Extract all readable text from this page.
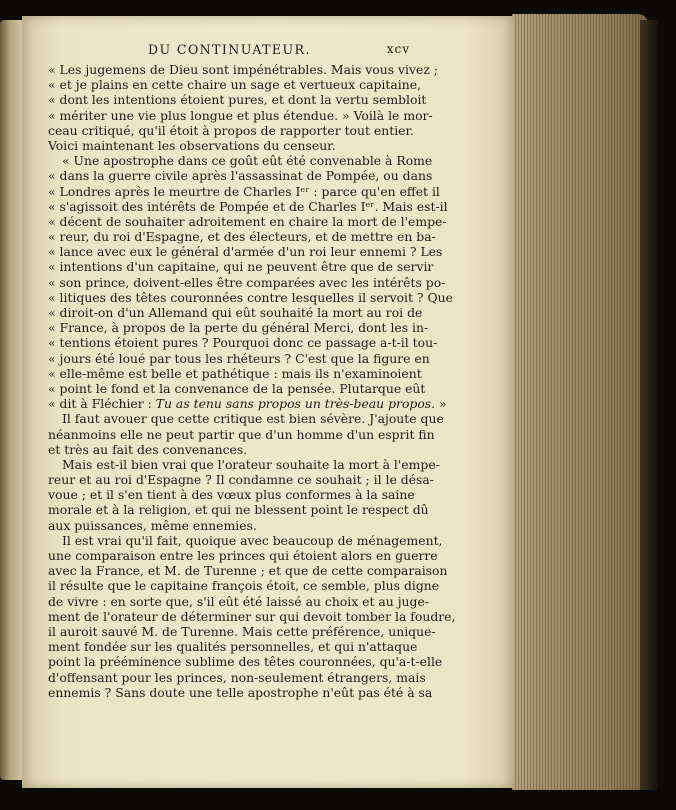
DU CONTINUATEUR.	xcv
« Les jugemens de Dieu sont impénétrables. Mais vous vivez ;
« et je plains en cette chaire un sage et vertueux capitaine,
« dont les intentions étoient pures, et dont la vertu sembloit
« mériter une vie plus longue et plus étendue. » Voilà le mor-
ceau critiqué, qu'il étoit à propos de rapporter tout entier.
Voici maintenant les observations du censeur.
« Une apostrophe dans ce goût eût été convenable à Rome
« dans la guerre civile après l'assassinat de Pompée, ou dans
« Londres après le meurtre de Charles Iᵉʳ : parce qu'en effet il
« s'agissoit des intérêts de Pompée et de Charles Iᵉʳ. Mais est-il
« décent de souhaiter adroitement en chaire la mort de l'empe-
« reur, du roi d'Espagne, et des électeurs, et de mettre en ba-
« lance avec eux le général d'armée d'un roi leur ennemi ? Les
« intentions d'un capitaine, qui ne peuvent être que de servir
« son prince, doivent-elles être comparées avec les intérêts po-
« litiques des têtes couronnées contre lesquelles il servoit ? Que
« diroit-on d'un Allemand qui eût souhaité la mort au roi de
« France, à propos de la perte du général Merci, dont les in-
« tentions étoient pures ? Pourquoi donc ce passage a-t-il tou-
« jours été loué par tous les rhéteurs ? C'est que la figure en
« elle-même est belle et pathétique : mais ils n'examinoient
« point le fond et la convenance de la pensée. Plutarque eût
« dit à Fléchier : Tu as tenu sans propos un très-beau propos. »
Il faut avouer que cette critique est bien sévère. J'ajoute que
néanmoins elle ne peut partir que d'un homme d'un esprit fin
et très au fait des convenances.
Mais est-il bien vrai que l'orateur souhaite la mort à l'empe-
reur et au roi d'Espagne ? Il condamne ce souhait ; il le désa-
voue ; et il s'en tient à des vœux plus conformes à la saine
morale et à la religion, et qui ne blessent point le respect dû
aux puissances, même ennemies.
Il est vrai qu'il fait, quoique avec beaucoup de ménagement,
une comparaison entre les princes qui étoient alors en guerre
avec la France, et M. de Turenne ; et que de cette comparaison
il résulte que le capitaine françois étoit, ce semble, plus digne
de vivre : en sorte que, s'il eût été laissé au choix et au juge-
ment de l'orateur de déterminer sur qui devoit tomber la foudre,
il auroit sauvé M. de Turenne. Mais cette préférence, unique-
ment fondée sur les qualités personnelles, et qui n'attaque
point la prééminence sublime des têtes couronnées, qu'a-t-elle
d'offensant pour les princes, non-seulement étrangers, mais
ennemis ? Sans doute une telle apostrophe n'eût pas été à sa
